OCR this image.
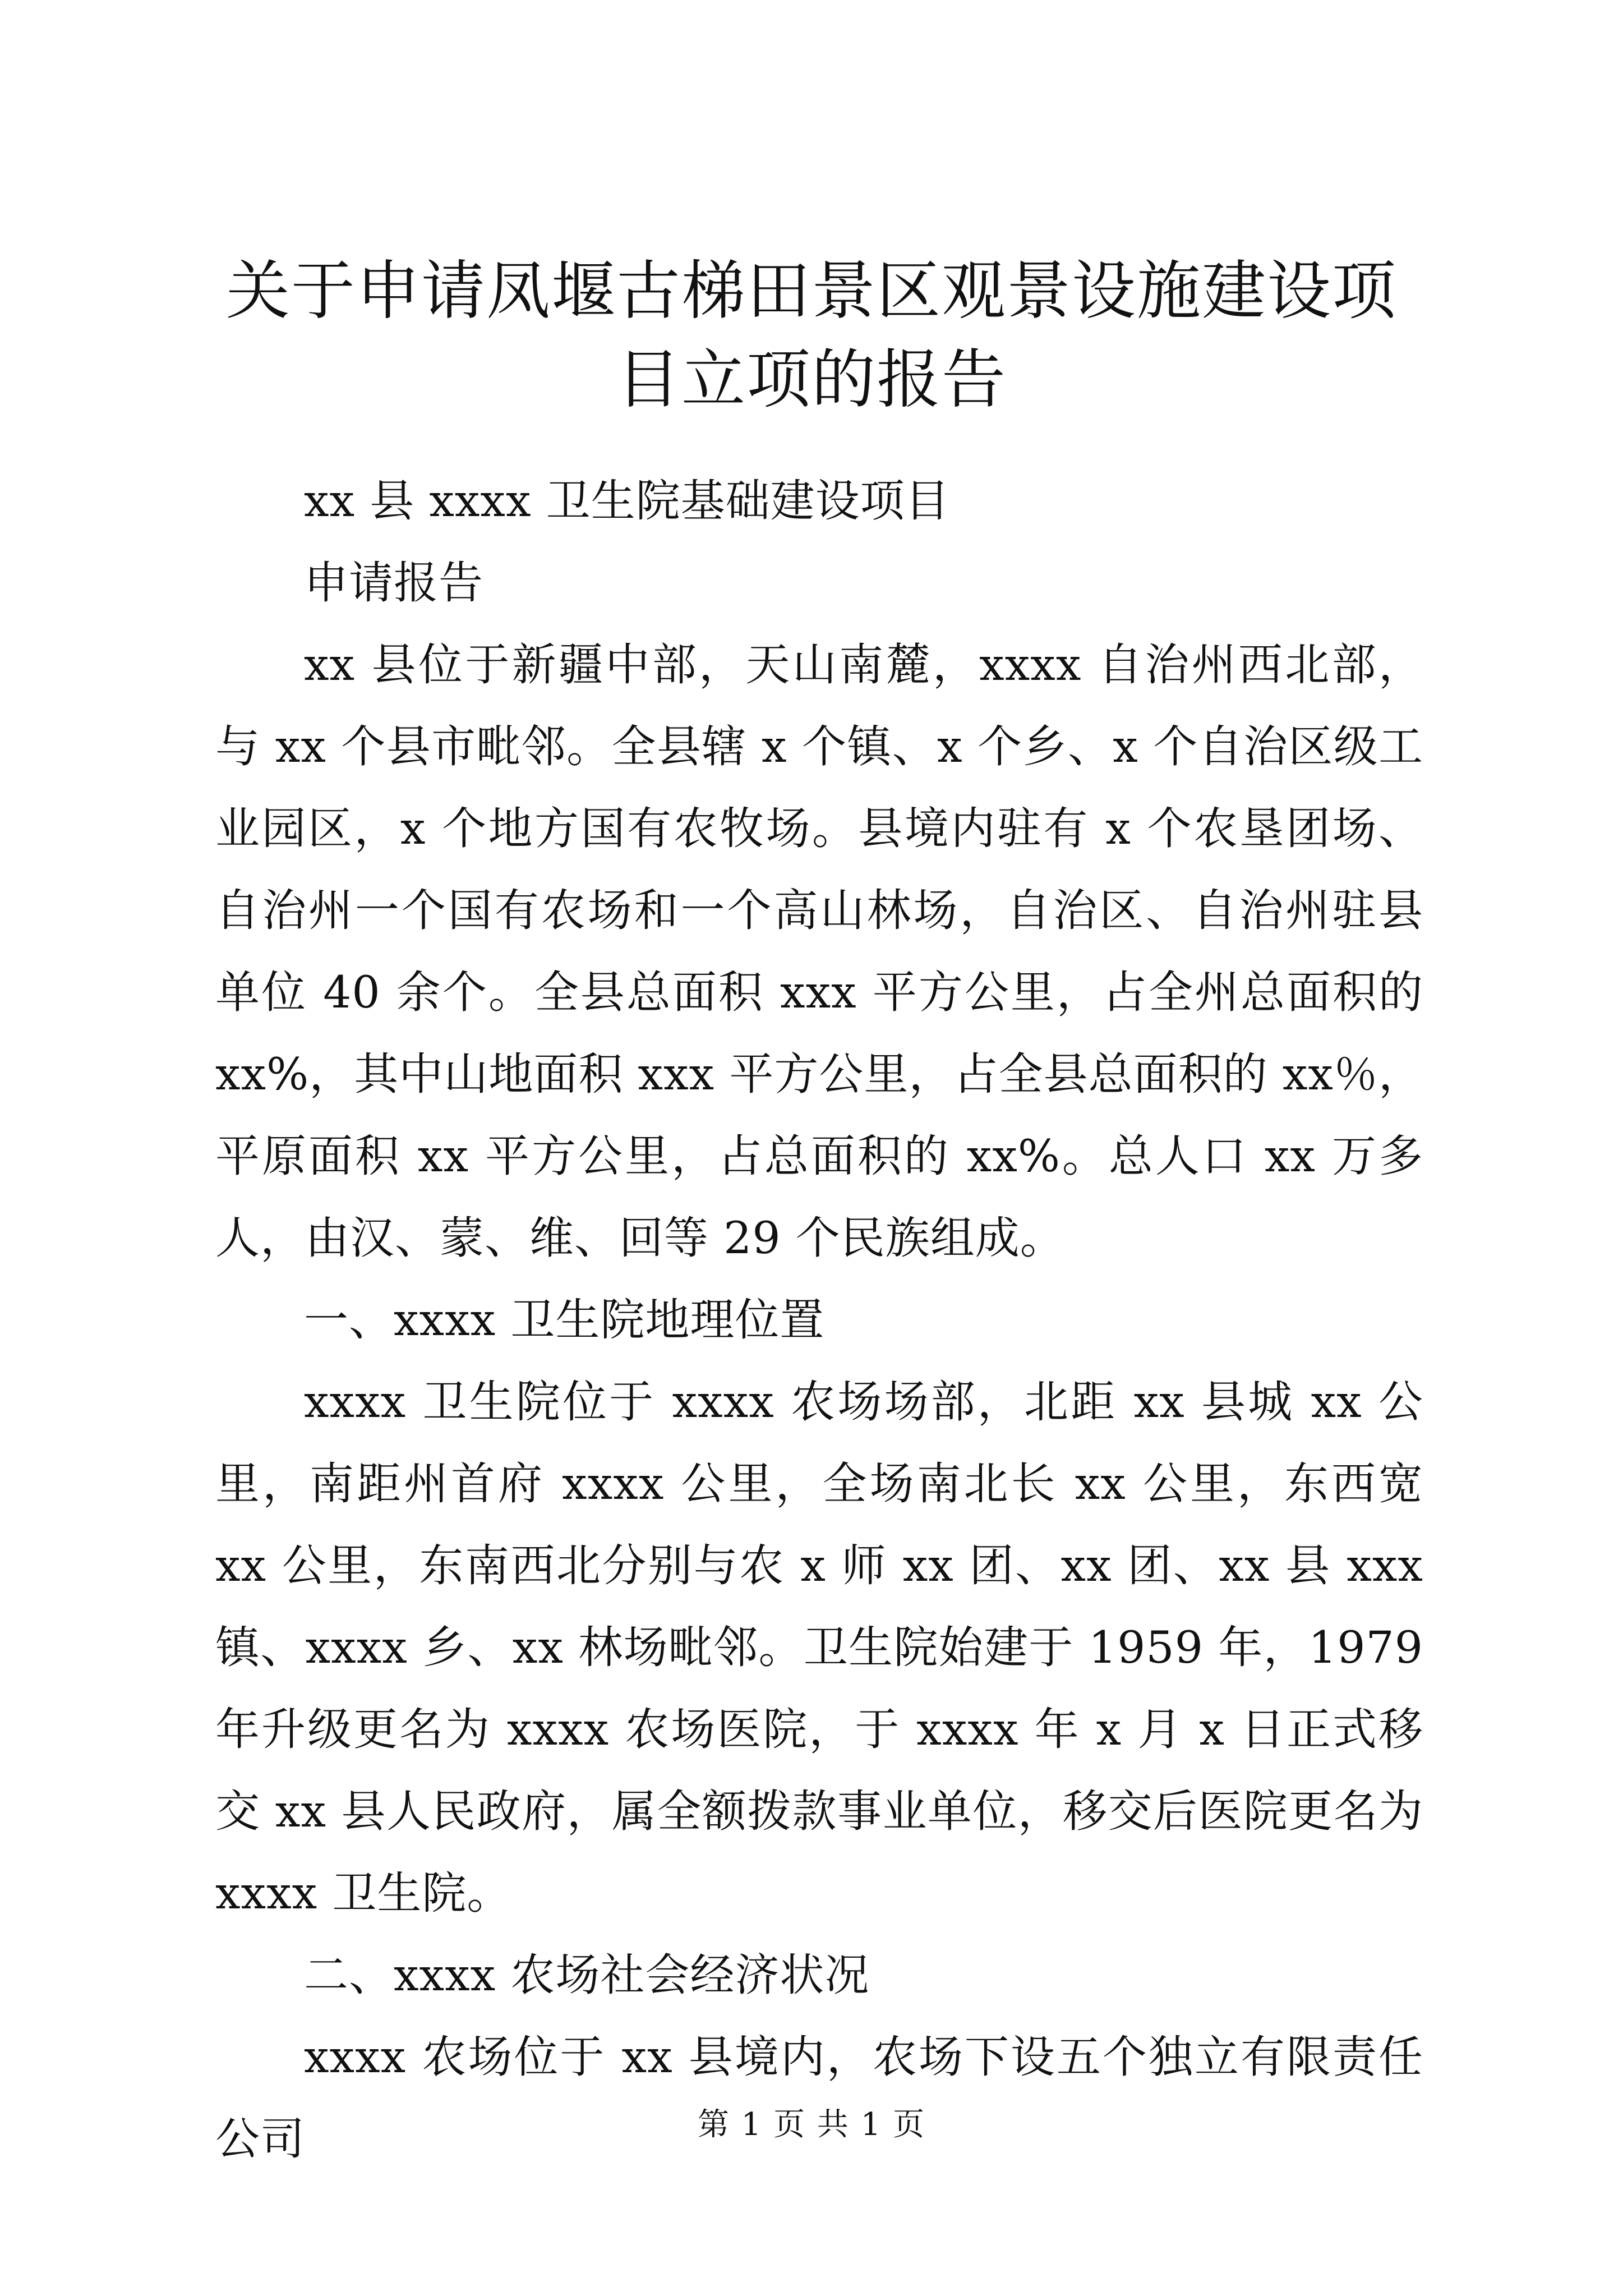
关于申请凤堰古梯田景区观景设施建设项目立项的报告

xx 县 xxxx 卫生院基础建设项目

申请报告

xx 县位于新疆中部，天山南麓，xxxx 自治州西北部，与 xx 个县市毗邻。全县辖 x 个镇、x 个乡、x 个自治区级工业园区，x 个地方国有农牧场。县境内驻有 x 个农垦团场、自治州一个国有农场和一个高山林场，自治区、自治州驻县单位 40 余个。全县总面积 xxx 平方公里，占全州总面积的 xx%，其中山地面积 xxx 平方公里，占全县总面积的 xx％，平原面积 xx 平方公里，占总面积的 xx%。总人口 xx 万多人，由汉、蒙、维、回等 29 个民族组成。

一、xxxx 卫生院地理位置

xxxx 卫生院位于 xxxx 农场场部，北距 xx 县城 xx 公里，南距州首府 xxxx 公里，全场南北长 xx 公里，东西宽 xx 公里，东南西北分别与农 x 师 xx 团、xx 团、xx 县 xxx 镇、xxxx 乡、xx 林场毗邻。卫生院始建于 1959 年，1979 年升级更名为 xxxx 农场医院，于 xxxx 年 x 月 x 日正式移交 xx 县人民政府，属全额拨款事业单位，移交后医院更名为 xxxx 卫生院。

二、xxxx 农场社会经济状况

xxxx 农场位于 xx 县境内，农场下设五个独立有限责任公司	第 1 页 共 1 页
